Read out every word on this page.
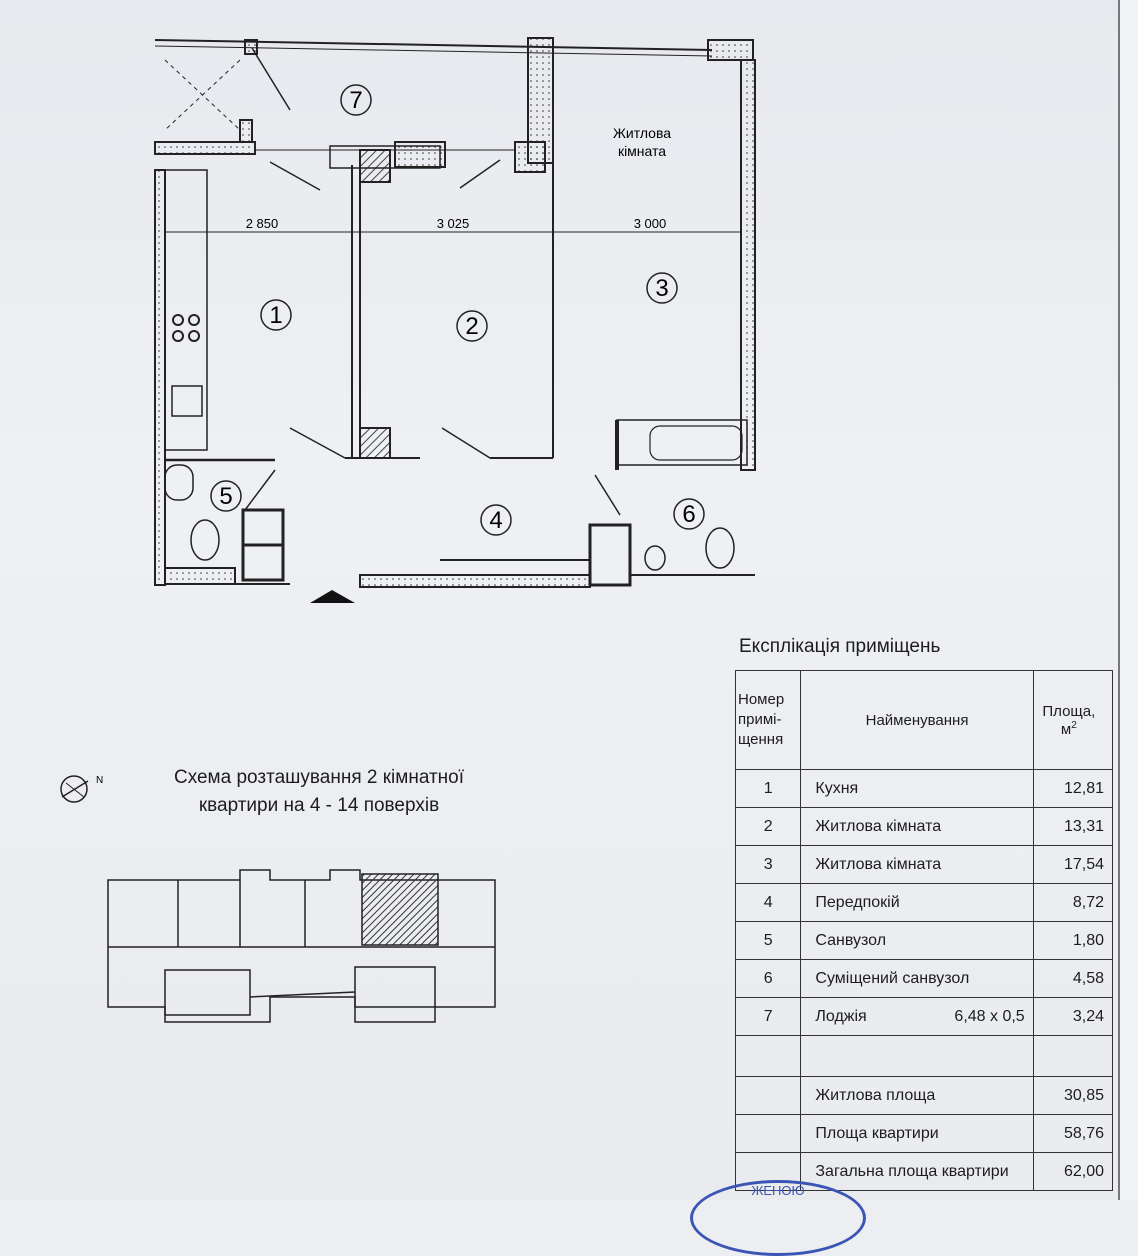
7
1	2
3
4
5
6
Житлова
кімната
2 850	3 025	3 000
Експлікація приміщень
Номер
примі-
щення	Найменування	Площа,
$м^2$
1	Кухня	12,81
2	Житлова кімната	13,31
3	Житлова кімната	17,54
4	Передпокій	8,72
5	Санвузол	1,80
6	Суміщений санвузол	4,58
7	Лоджія 6,48 x 0,5	3,24

	Житлова площа	30,85
	Площа квартири	58,76
	Загальна площа квартири	62,00
N	Схема розташування 2 кімнатної
квартири на 4 - 14 поверхів
ЖЕНОЮ
